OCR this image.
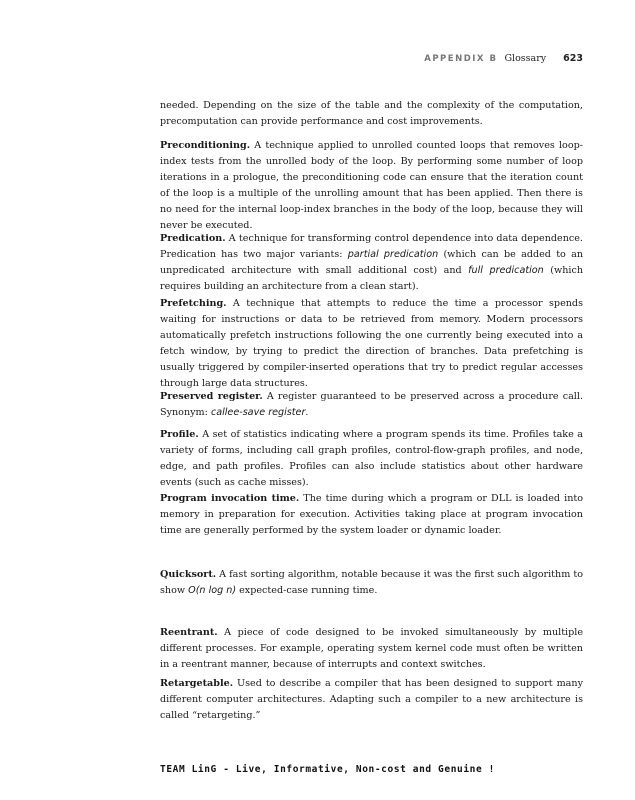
APPENDIX B Glossary 623

needed. Depending on the size of the table and the complexity of the computation, precomputation can provide performance and cost improvements.

Preconditioning. A technique applied to unrolled counted loops that removes loop-index tests from the unrolled body of the loop. By performing some number of loop iterations in a prologue, the preconditioning code can ensure that the iteration count of the loop is a multiple of the unrolling amount that has been applied. Then there is no need for the internal loop-index branches in the body of the loop, because they will never be executed.

Predication. A technique for transforming control dependence into data dependence. Predication has two major variants: partial predication (which can be added to an unpredicated architecture with small additional cost) and full predication (which requires building an architecture from a clean start).

Prefetching. A technique that attempts to reduce the time a processor spends waiting for instructions or data to be retrieved from memory. Modern processors automatically prefetch instructions following the one currently being executed into a fetch window, by trying to predict the direction of branches. Data prefetching is usually triggered by compiler-inserted operations that try to predict regular accesses through large data structures.

Preserved register. A register guaranteed to be preserved across a procedure call. Synonym: callee-save register.

Profile. A set of statistics indicating where a program spends its time. Profiles take a variety of forms, including call graph profiles, control-flow-graph profiles, and node, edge, and path profiles. Profiles can also include statistics about other hardware events (such as cache misses).

Program invocation time. The time during which a program or DLL is loaded into memory in preparation for execution. Activities taking place at program invocation time are generally performed by the system loader or dynamic loader.

Quicksort. A fast sorting algorithm, notable because it was the first such algorithm to show O(n log n) expected-case running time.

Reentrant. A piece of code designed to be invoked simultaneously by multiple different processes. For example, operating system kernel code must often be written in a reentrant manner, because of interrupts and context switches.

Retargetable. Used to describe a compiler that has been designed to support many different computer architectures. Adapting such a compiler to a new architecture is called “retargeting.”

TEAM LinG - Live, Informative, Non-cost and Genuine !
